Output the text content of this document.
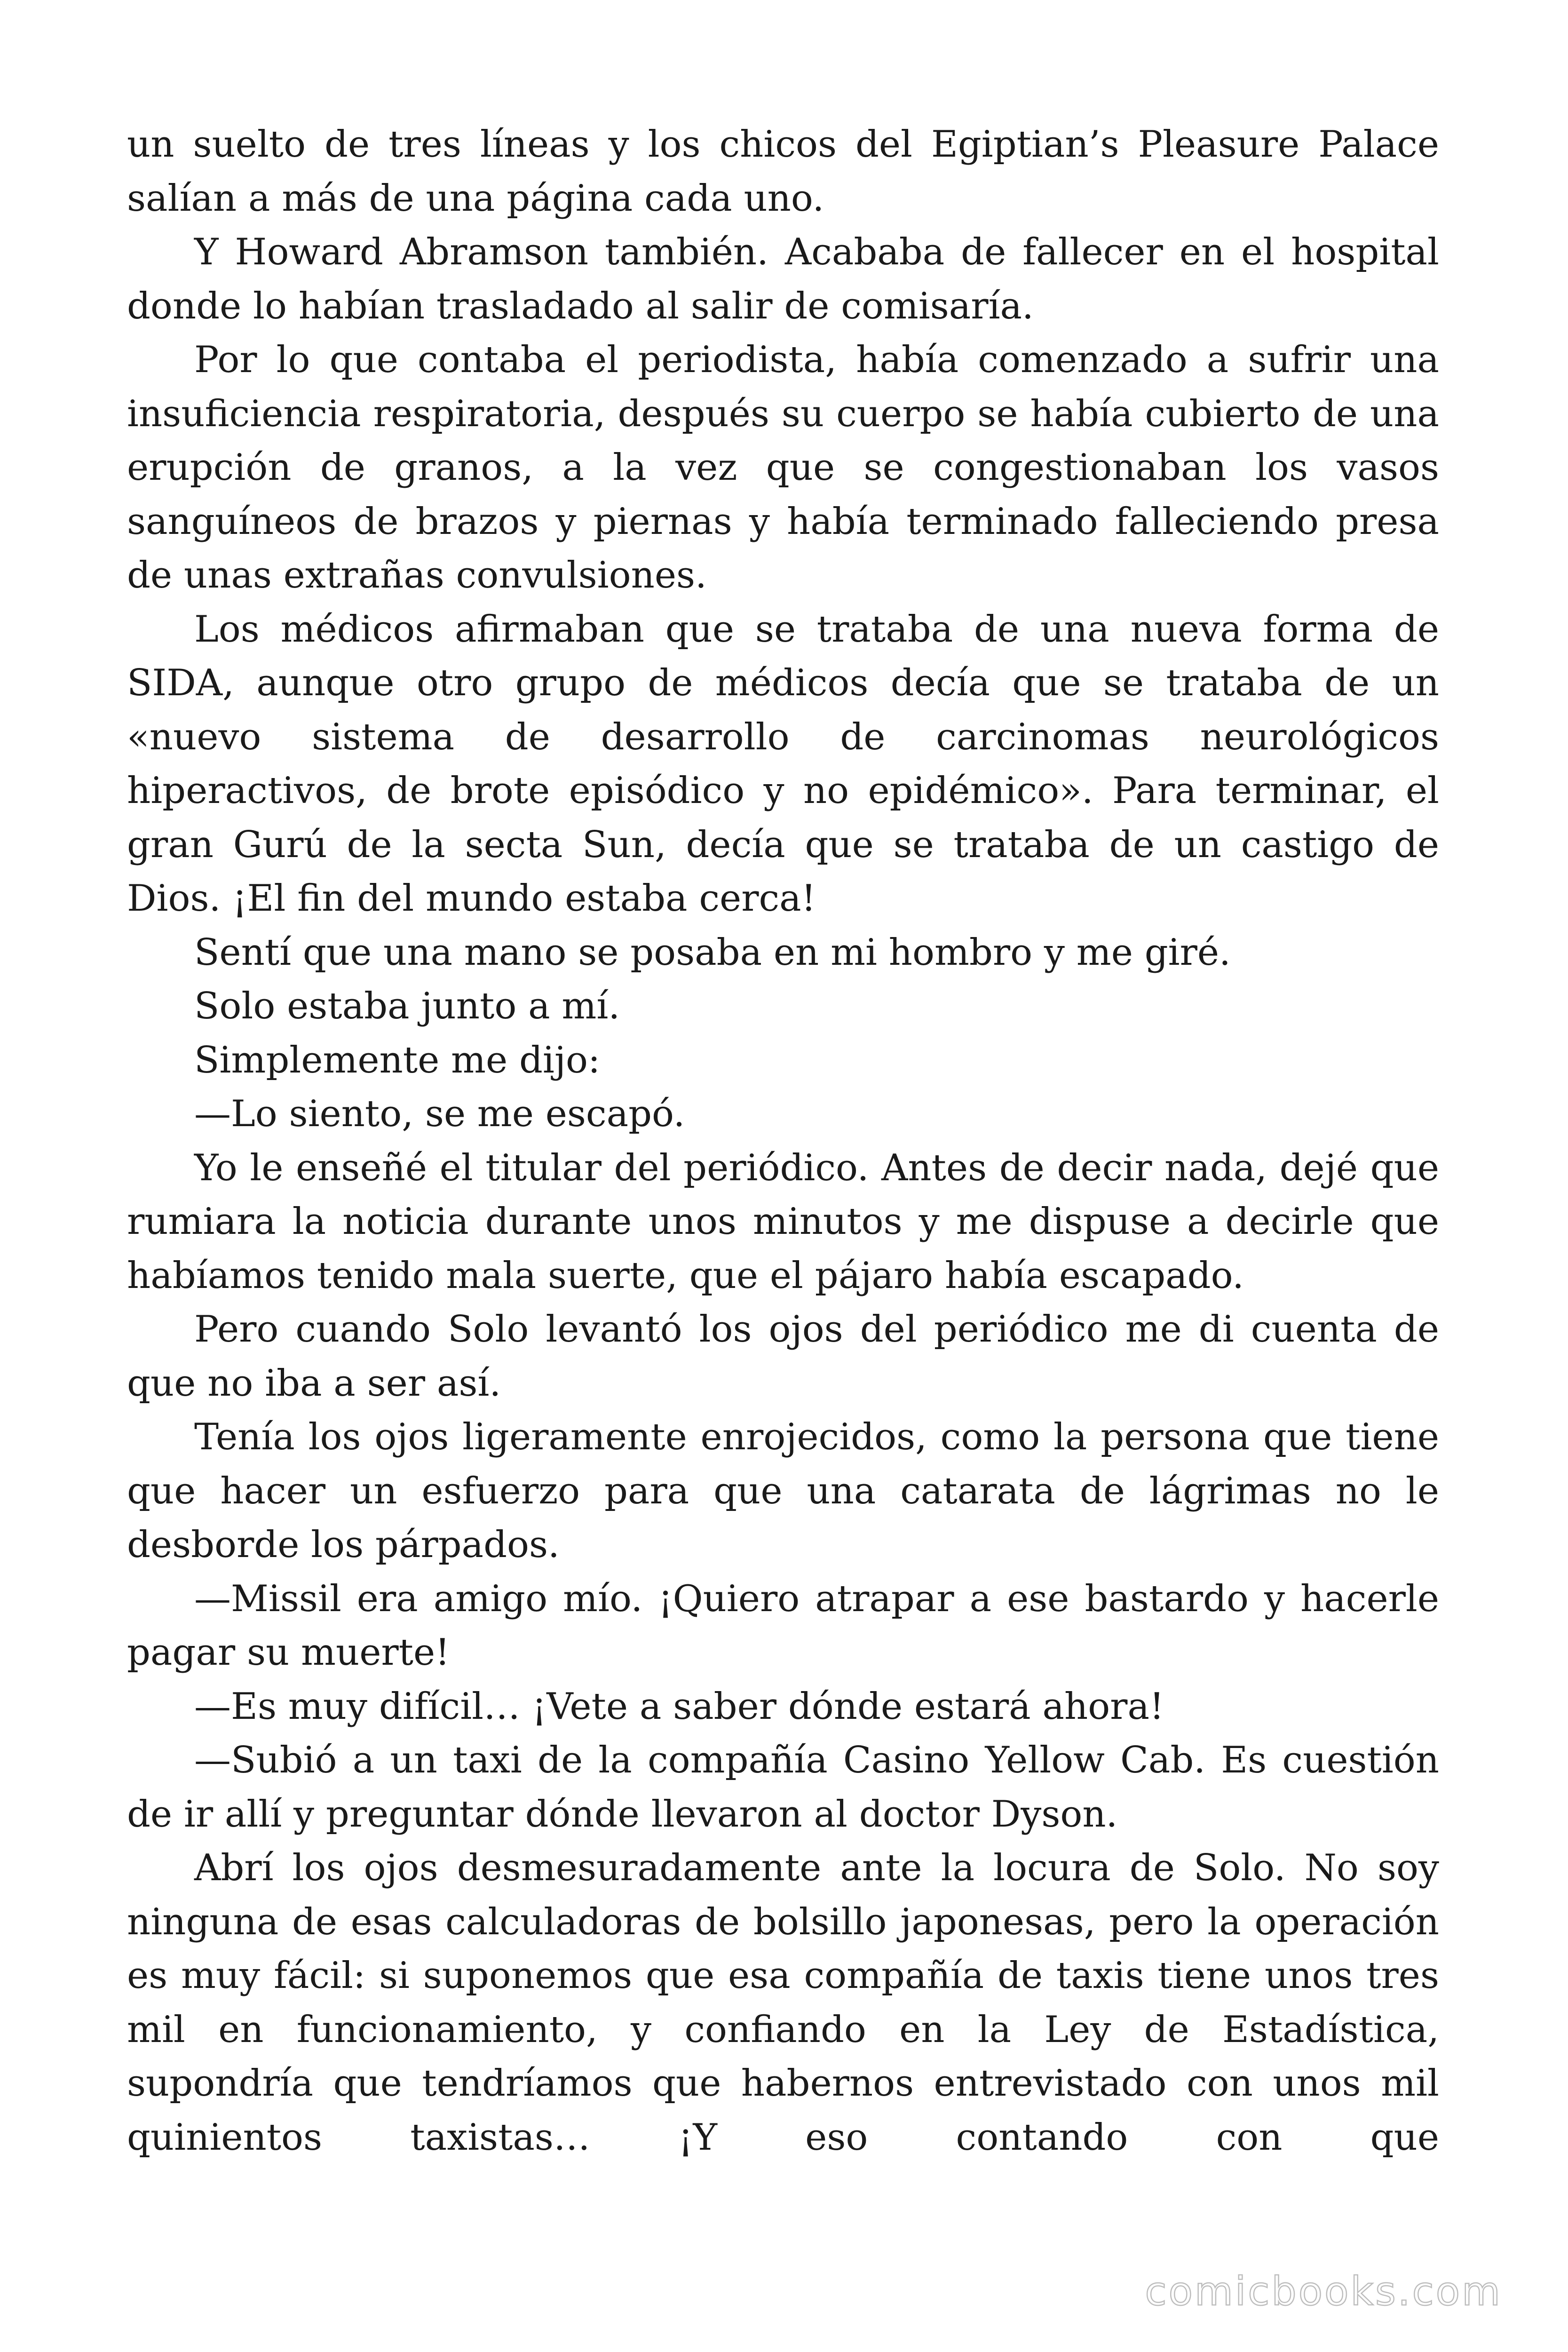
un suelto de tres líneas y los chicos del Egiptian’s Pleasure Palace salían a más de una página cada uno.

Y Howard Abramson también. Acababa de fallecer en el hospital donde lo habían trasladado al salir de comisaría.

Por lo que contaba el periodista, había comenzado a sufrir una insuficiencia respiratoria, después su cuerpo se había cubierto de una erupción de granos, a la vez que se congestionaban los vasos sanguíneos de brazos y piernas y había terminado falleciendo presa de unas extrañas convulsiones.

Los médicos afirmaban que se trataba de una nueva forma de SIDA, aunque otro grupo de médicos decía que se trataba de un «nuevo sistema de desarrollo de carcinomas neurológicos hiperactivos, de brote episódico y no epidémico». Para terminar, el gran Gurú de la secta Sun, decía que se trataba de un castigo de Dios. ¡El fin del mundo estaba cerca!

Sentí que una mano se posaba en mi hombro y me giré.

Solo estaba junto a mí.

Simplemente me dijo:

—Lo siento, se me escapó.

Yo le enseñé el titular del periódico. Antes de decir nada, dejé que rumiara la noticia durante unos minutos y me dispuse a decirle que habíamos tenido mala suerte, que el pájaro había escapado.

Pero cuando Solo levantó los ojos del periódico me di cuenta de que no iba a ser así.

Tenía los ojos ligeramente enrojecidos, como la persona que tiene que hacer un esfuerzo para que una catarata de lágrimas no le desborde los párpados.

—Missil era amigo mío. ¡Quiero atrapar a ese bastardo y hacerle pagar su muerte!

—Es muy difícil… ¡Vete a saber dónde estará ahora!

—Subió a un taxi de la compañía Casino Yellow Cab. Es cuestión de ir allí y preguntar dónde llevaron al doctor Dyson.

Abrí los ojos desmesuradamente ante la locura de Solo. No soy ninguna de esas calculadoras de bolsillo japonesas, pero la operación es muy fácil: si suponemos que esa compañía de taxis tiene unos tres mil en funcionamiento, y confiando en la Ley de Estadística, supondría que tendríamos que habernos entrevistado con unos mil quinientos taxistas… ¡Y eso contando con que

comicbooks.com
